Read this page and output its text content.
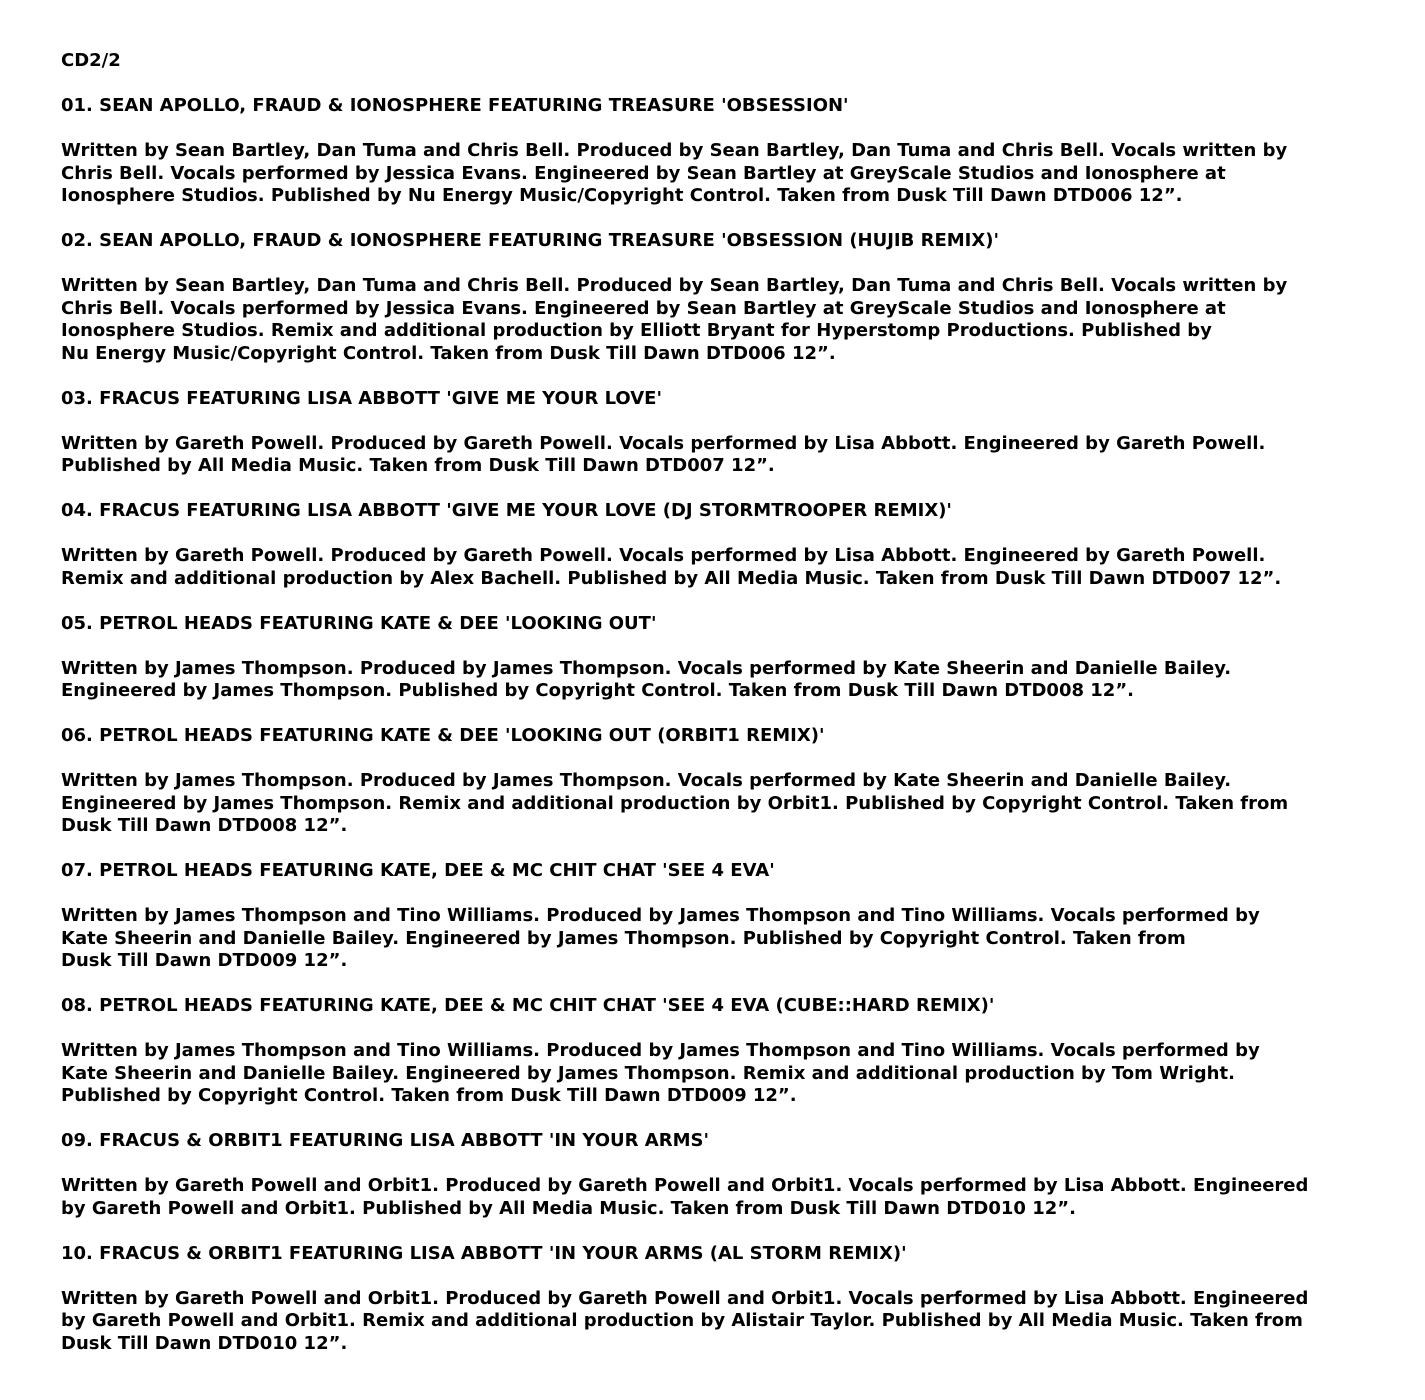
CD2/2
01. SEAN APOLLO, FRAUD & IONOSPHERE FEATURING TREASURE 'OBSESSION'
Written by Sean Bartley, Dan Tuma and Chris Bell. Produced by Sean Bartley, Dan Tuma and Chris Bell. Vocals written by
Chris Bell. Vocals performed by Jessica Evans. Engineered by Sean Bartley at GreyScale Studios and Ionosphere at
Ionosphere Studios. Published by Nu Energy Music/Copyright Control. Taken from Dusk Till Dawn DTD006 12”.
02. SEAN APOLLO, FRAUD & IONOSPHERE FEATURING TREASURE 'OBSESSION (HUJIB REMIX)'
Written by Sean Bartley, Dan Tuma and Chris Bell. Produced by Sean Bartley, Dan Tuma and Chris Bell. Vocals written by
Chris Bell. Vocals performed by Jessica Evans. Engineered by Sean Bartley at GreyScale Studios and Ionosphere at
Ionosphere Studios. Remix and additional production by Elliott Bryant for Hyperstomp Productions. Published by
Nu Energy Music/Copyright Control. Taken from Dusk Till Dawn DTD006 12”.
03. FRACUS FEATURING LISA ABBOTT 'GIVE ME YOUR LOVE'
Written by Gareth Powell. Produced by Gareth Powell. Vocals performed by Lisa Abbott. Engineered by Gareth Powell.
Published by All Media Music. Taken from Dusk Till Dawn DTD007 12”.
04. FRACUS FEATURING LISA ABBOTT 'GIVE ME YOUR LOVE (DJ STORMTROOPER REMIX)'
Written by Gareth Powell. Produced by Gareth Powell. Vocals performed by Lisa Abbott. Engineered by Gareth Powell.
Remix and additional production by Alex Bachell. Published by All Media Music. Taken from Dusk Till Dawn DTD007 12”.
05. PETROL HEADS FEATURING KATE & DEE 'LOOKING OUT'
Written by James Thompson. Produced by James Thompson. Vocals performed by Kate Sheerin and Danielle Bailey.
Engineered by James Thompson. Published by Copyright Control. Taken from Dusk Till Dawn DTD008 12”.
06. PETROL HEADS FEATURING KATE & DEE 'LOOKING OUT (ORBIT1 REMIX)'
Written by James Thompson. Produced by James Thompson. Vocals performed by Kate Sheerin and Danielle Bailey.
Engineered by James Thompson. Remix and additional production by Orbit1. Published by Copyright Control. Taken from
Dusk Till Dawn DTD008 12”.
07. PETROL HEADS FEATURING KATE, DEE & MC CHIT CHAT 'SEE 4 EVA'
Written by James Thompson and Tino Williams. Produced by James Thompson and Tino Williams. Vocals performed by
Kate Sheerin and Danielle Bailey. Engineered by James Thompson. Published by Copyright Control. Taken from
Dusk Till Dawn DTD009 12”.
08. PETROL HEADS FEATURING KATE, DEE & MC CHIT CHAT 'SEE 4 EVA (CUBE::HARD REMIX)'
Written by James Thompson and Tino Williams. Produced by James Thompson and Tino Williams. Vocals performed by
Kate Sheerin and Danielle Bailey. Engineered by James Thompson. Remix and additional production by Tom Wright.
Published by Copyright Control. Taken from Dusk Till Dawn DTD009 12”.
09. FRACUS & ORBIT1 FEATURING LISA ABBOTT 'IN YOUR ARMS'
Written by Gareth Powell and Orbit1. Produced by Gareth Powell and Orbit1. Vocals performed by Lisa Abbott. Engineered
by Gareth Powell and Orbit1. Published by All Media Music. Taken from Dusk Till Dawn DTD010 12”.
10. FRACUS & ORBIT1 FEATURING LISA ABBOTT 'IN YOUR ARMS (AL STORM REMIX)'
Written by Gareth Powell and Orbit1. Produced by Gareth Powell and Orbit1. Vocals performed by Lisa Abbott. Engineered
by Gareth Powell and Orbit1. Remix and additional production by Alistair Taylor. Published by All Media Music. Taken from
Dusk Till Dawn DTD010 12”.
